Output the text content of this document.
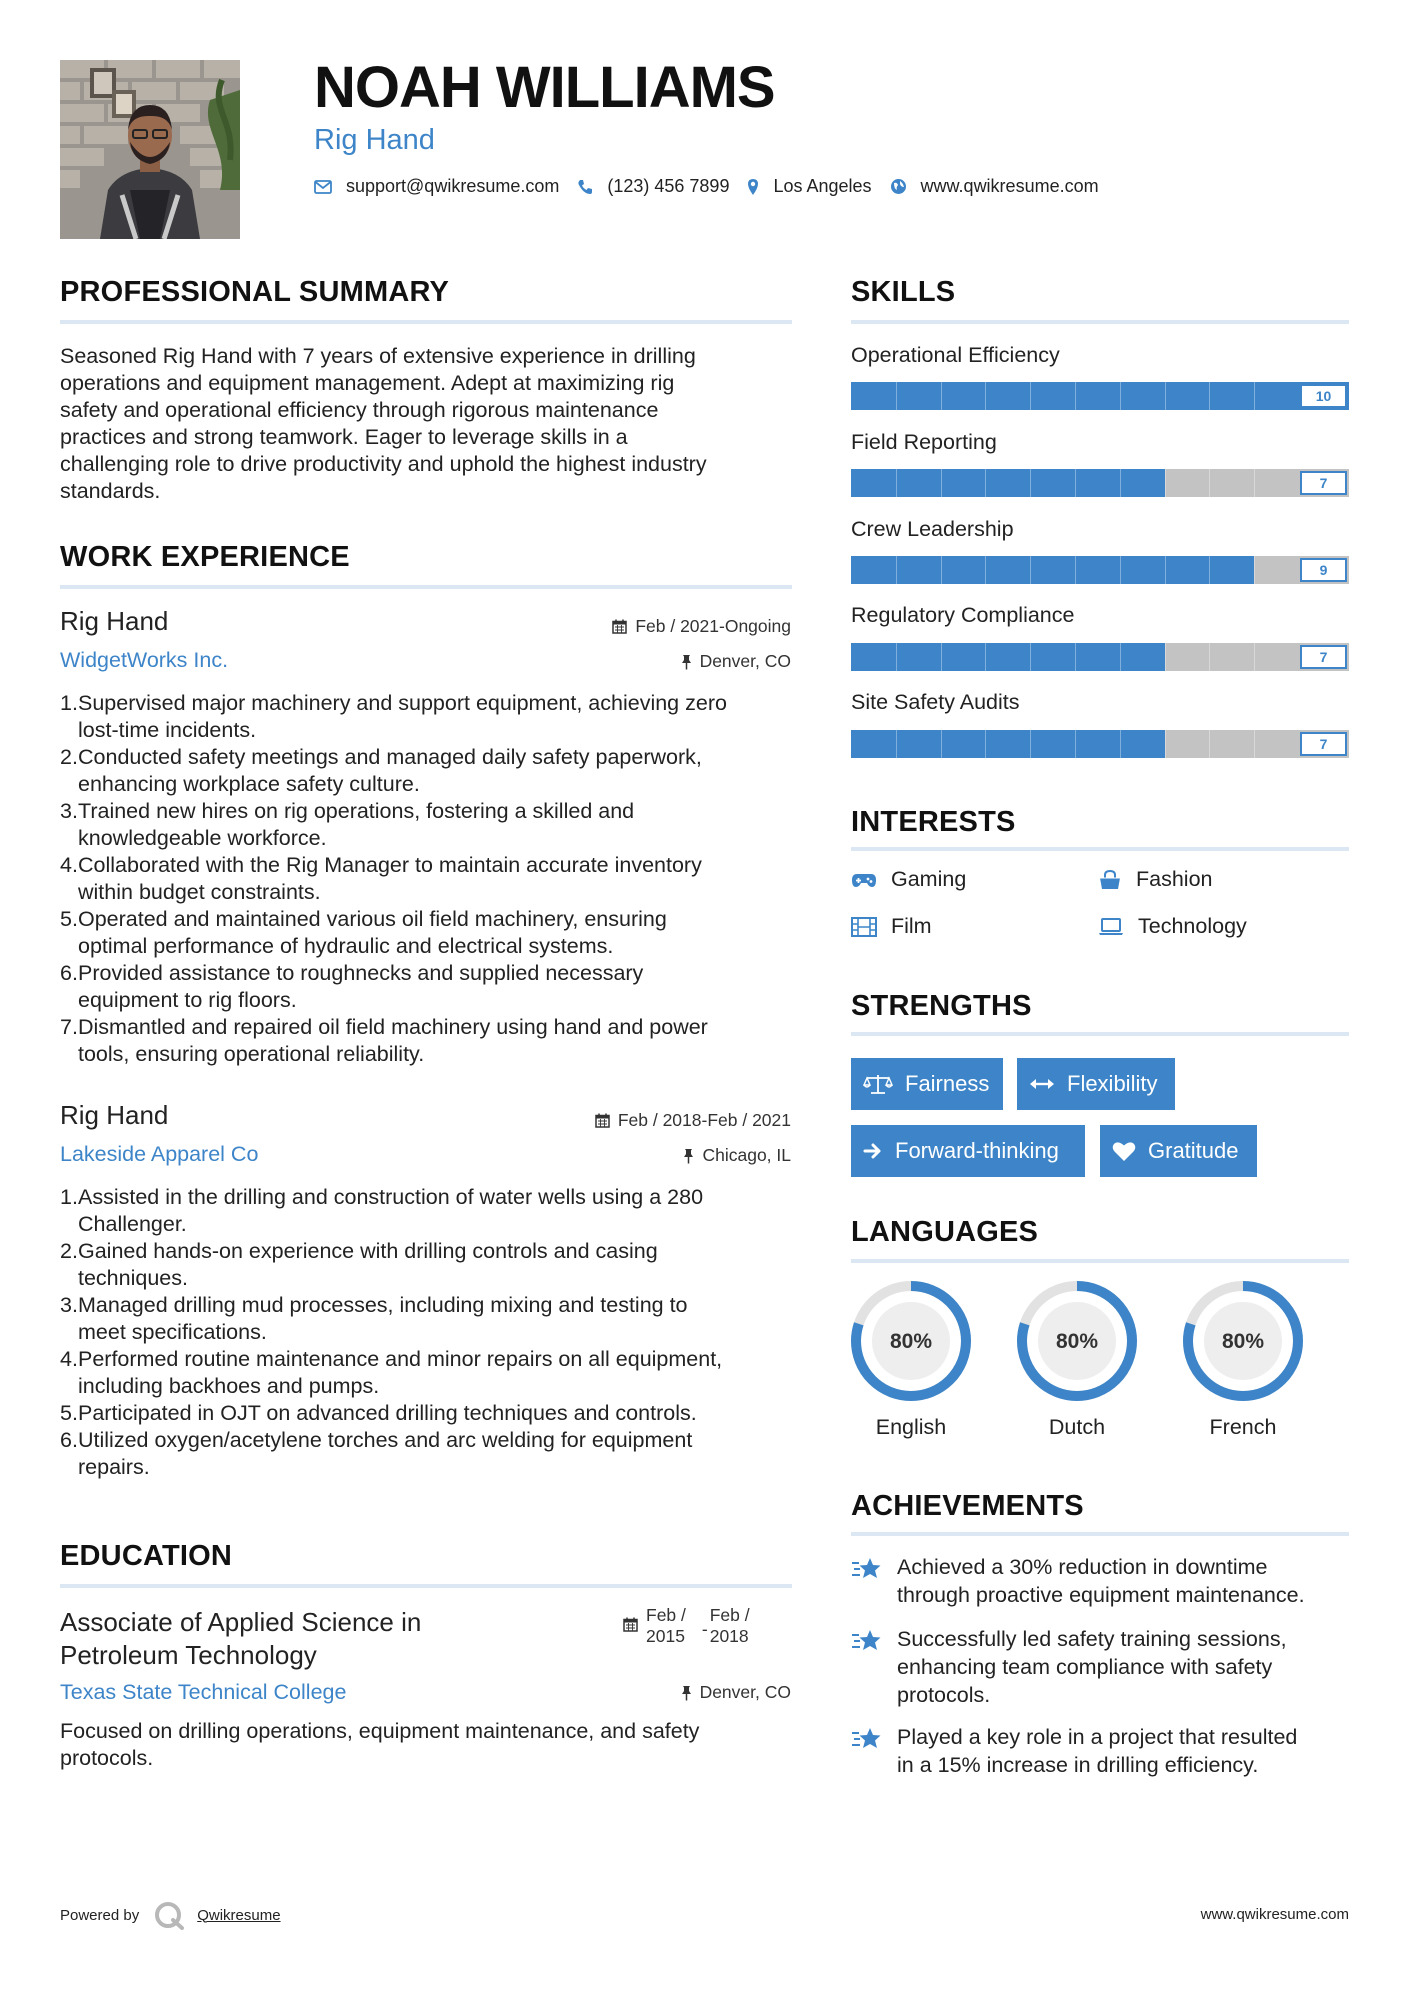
NOAH WILLIAMS
Rig Hand
support@qwikresume.com	(123) 456 7899 Los Angeles	www.qwikresume.com
PROFESSIONAL SUMMARY
Seasoned Rig Hand with 7 years of extensive experience in drilling
operations and equipment management. Adept at maximizing rig
safety and operational efficiency through rigorous maintenance
practices and strong teamwork. Eager to leverage skills in a
challenging role to drive productivity and uphold the highest industry
standards.
WORK EXPERIENCE
Rig Hand	Feb / 2021-Ongoing
WidgetWorks Inc.	Denver, CO
1. Supervised major machinery and support equipment, achieving zero
lost-time incidents.
2. Conducted safety meetings and managed daily safety paperwork,
enhancing workplace safety culture.
3. Trained new hires on rig operations, fostering a skilled and
knowledgeable workforce.
4. Collaborated with the Rig Manager to maintain accurate inventory
within budget constraints.
5. Operated and maintained various oil field machinery, ensuring
optimal performance of hydraulic and electrical systems.
6. Provided assistance to roughnecks and supplied necessary
equipment to rig floors.
7. Dismantled and repaired oil field machinery using hand and power
tools, ensuring operational reliability.
Rig Hand	Feb / 2018-Feb / 2021
Lakeside Apparel Co	Chicago, IL
1. Assisted in the drilling and construction of water wells using a 280
Challenger.
2. Gained hands-on experience with drilling controls and casing
techniques.
3. Managed drilling mud processes, including mixing and testing to
meet specifications.
4. Performed routine maintenance and minor repairs on all equipment,
including backhoes and pumps.
5. Participated in OJT on advanced drilling techniques and controls.
6. Utilized oxygen/acetylene torches and arc welding for equipment
repairs.
EDUCATION
Associate of Applied Science in
Petroleum Technology
Feb /
2015 -
Feb /
2018
Texas State Technical College	Denver, CO
Focused on drilling operations, equipment maintenance, and safety
protocols.
SKILLS
Operational Efficiency
10
Field Reporting
7
Crew Leadership
9
Regulatory Compliance
7
Site Safety Audits
7
INTERESTS
Gaming	Fashion
Film	Technology
STRENGTHS
Fairness	Flexibility
Forward-thinking	Gratitude
LANGUAGES
80%
English
80%
Dutch
80%
French
ACHIEVEMENTS
Achieved a 30% reduction in downtime
through proactive equipment maintenance.
Successfully led safety training sessions,
enhancing team compliance with safety
protocols.
Played a key role in a project that resulted
in a 15% increase in drilling efficiency.
Powered by	Qwikresume	www.qwikresume.com
